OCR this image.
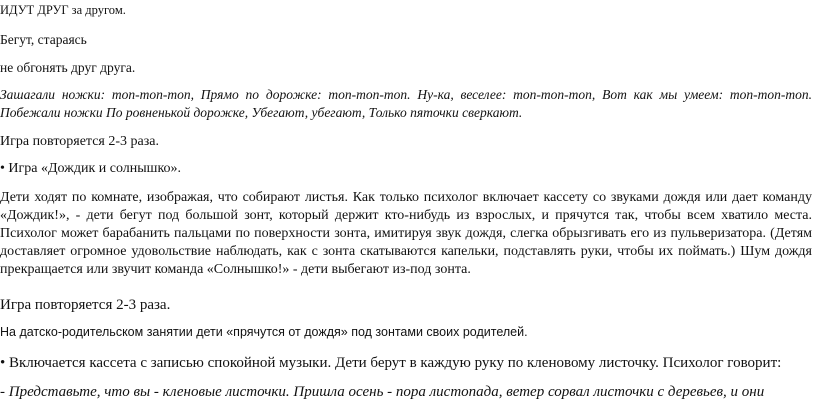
ИДУТ ДРУГ за другом.

Бегут, стараясь

не обгонять друг друга.

Зашагали ножки: топ-топ-топ, Прямо по дорожке: топ-топ-топ. Ну-ка, веселее: топ-топ-топ, Вот как мы умеем: топ-топ-топ. Побежали ножки По ровненькой дорожке, Убегают, убегают, Только пяточки сверкают.

Игра повторяется 2-3 раза.

• Игра «Дождик и солнышко».

Дети ходят по комнате, изображая, что собирают листья. Как только психолог включает кассету со звуками дождя или дает команду «Дождик!», - дети бегут под большой зонт, который держит кто-нибудь из взрослых, и прячутся так, чтобы всем хватило места. Психолог может барабанить пальцами по поверхности зонта, имитируя звук дождя, слегка обрызгивать его из пульверизатора. (Детям доставляет огромное удовольствие наблюдать, как с зонта скатываются капельки, подставлять руки, чтобы их поймать.) Шум дождя прекращается или звучит команда «Солнышко!» - дети выбегают из-под зонта.

Игра повторяется 2-3 раза.

На датско-родительском занятии дети «прячутся от дождя» под зонтами своих родителей.

• Включается кассета с записью спокойной музыки. Дети берут в каждую руку по кленовому листочку. Психолог говорит:

- Представьте, что вы - кленовые листочки. Пришла осень - пора листопада, ветер сорвал листочки с деревьев, и они
